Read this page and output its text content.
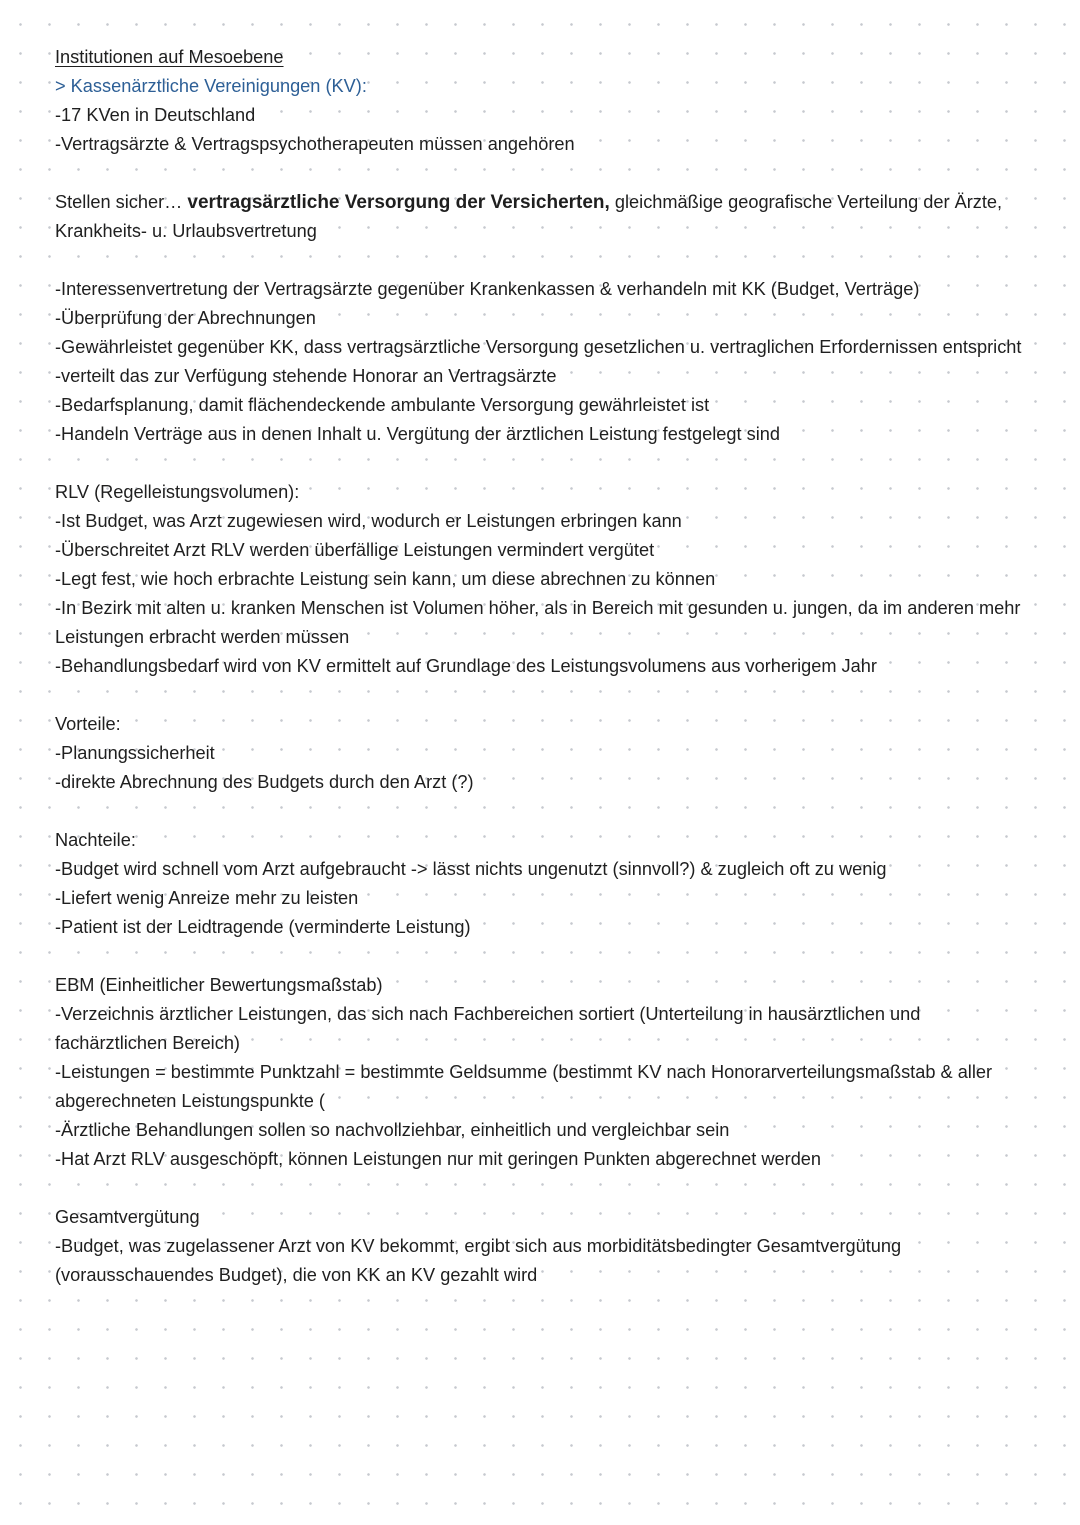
Institutionen auf Mesoebene
> Kassenärztliche Vereinigungen (KV):
-17 KVen in Deutschland
-Vertragsärzte & Vertragspsychotherapeuten müssen angehören
Stellen sicher… vertragsärztliche Versorgung der Versicherten, gleichmäßige geografische Verteilung der Ärzte, Krankheits- u. Urlaubsvertretung
-Interessenvertretung der Vertragsärzte gegenüber Krankenkassen & verhandeln mit KK (Budget, Verträge)
-Überprüfung der Abrechnungen
-Gewährleistet gegenüber KK, dass vertragsärztliche Versorgung gesetzlichen u. vertraglichen Erfordernissen entspricht
-verteilt das zur Verfügung stehende Honorar an Vertragsärzte
-Bedarfsplanung, damit flächendeckende ambulante Versorgung gewährleistet ist
-Handeln Verträge aus in denen Inhalt u. Vergütung der ärztlichen Leistung festgelegt sind
RLV (Regelleistungsvolumen):
-Ist Budget, was Arzt zugewiesen wird, wodurch er Leistungen erbringen kann
-Überschreitet Arzt RLV werden überfällige Leistungen vermindert vergütet
-Legt fest, wie hoch erbrachte Leistung sein kann, um diese abrechnen zu können
-In Bezirk mit alten u. kranken Menschen ist Volumen höher, als in Bereich mit gesunden u. jungen, da im anderen mehr Leistungen erbracht werden müssen
-Behandlungsbedarf wird von KV ermittelt auf Grundlage des Leistungsvolumens aus vorherigem Jahr
Vorteile:
-Planungssicherheit
-direkte Abrechnung des Budgets durch den Arzt (?)
Nachteile:
-Budget wird schnell vom Arzt aufgebraucht -> lässt nichts ungenutzt (sinnvoll?) & zugleich oft zu wenig
-Liefert wenig Anreize mehr zu leisten
-Patient ist der Leidtragende (verminderte Leistung)
EBM (Einheitlicher Bewertungsmaßstab)
-Verzeichnis ärztlicher Leistungen, das sich nach Fachbereichen sortiert (Unterteilung in hausärztlichen und fachärztlichen Bereich)
-Leistungen = bestimmte Punktzahl = bestimmte Geldsumme (bestimmt KV nach Honorarverteilungsmaßstab & aller abgerechneten Leistungspunkte (
-Ärztliche Behandlungen sollen so nachvollziehbar, einheitlich und vergleichbar sein
-Hat Arzt RLV ausgeschöpft, können Leistungen nur mit geringen Punkten abgerechnet werden
Gesamtvergütung
-Budget, was zugelassener Arzt von KV bekommt, ergibt sich aus morbiditätsbedingter Gesamtvergütung (vorausschauendes Budget), die von KK an KV gezahlt wird
